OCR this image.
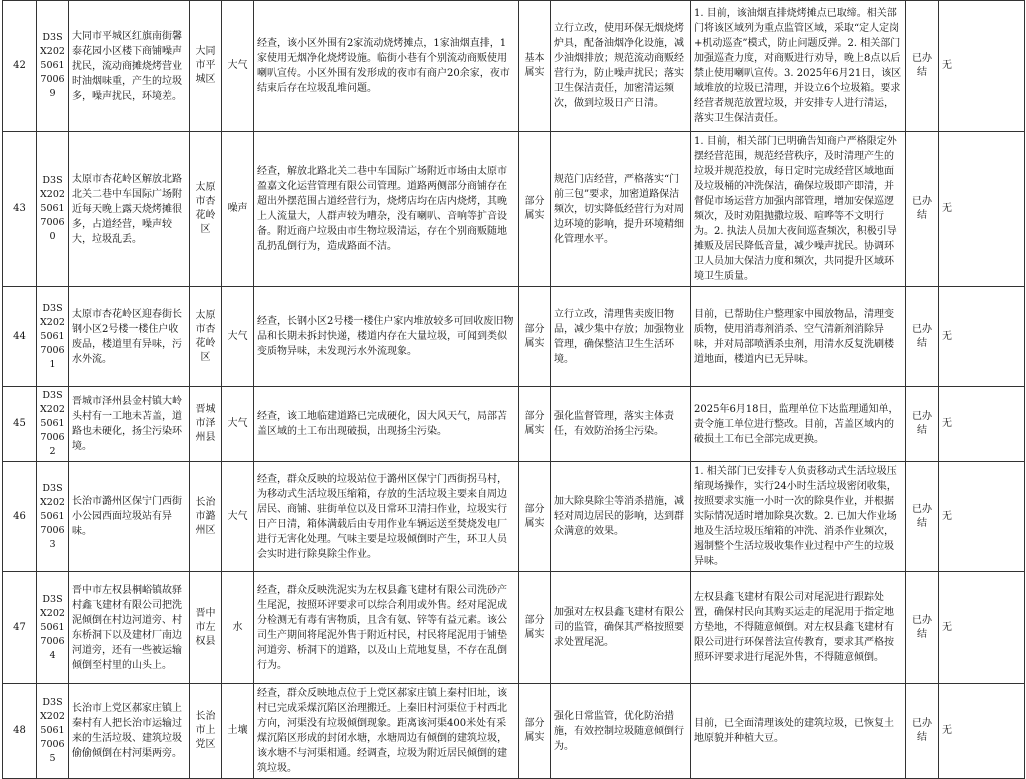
42	D3SX202506170069	大同市平城区红旗南街馨泰花园小区楼下商铺噪声扰民，流动商摊烧烤营业时油烟味重，产生的垃圾多，噪声扰民，环境差。	大同市平城区	大气	经查，该小区外围有2家流动烧烤摊点，1家油烟直排，1家使用无烟净化烧烤设施。临街小巷有个别流动商贩使用喇叭宣传。小区外围有发形成的夜市有商户20余家，夜市结束后存在垃圾乱堆问题。	基本属实	立行立改，使用环保无烟烧烤炉具，配备油烟净化设施，减少油烟排放；规范流动商贩经营行为，防止噪声扰民；落实卫生保洁责任，加密清运频次，做到垃圾日产日清。	1. 目前，该油烟直排烧烤摊点已取缔。相关部门将该区域列为重点监管区域，采取“定人定岗+机动巡查”模式，防止问题反弹。2. 相关部门加强巡查力度，对商贩进行劝导，晚上8点以后禁止使用喇叭宣传。3. 2025年6月21日，该区域堆放的垃圾已清理，并设立6个垃圾箱。要求经营者规范放置垃圾，并安排专人进行清运，落实卫生保洁责任。	已办结	无
43	D3SX202506170060	太原市杏花岭区解放北路北关二巷中车国际广场附近每天晚上露天烧烤摊很多，占道经营，噪声较大，垃圾乱丢。	太原市杏花岭区	噪声	经查，解放北路北关二巷中车国际广场附近市场由太原市盈嘉文化运营管理有限公司管理。道路两侧部分商铺存在超出外摆范围占道经营行为，烧烤店均在店内烧烤，其晚上人流量大，人群声较为嘈杂，没有喇叭、音响等扩音设备。附近商户垃圾由市生物垃圾清运，存在个别商贩随地乱扔乱倒行为，造成路面不洁。	部分属实	规范门店经营，严格落实“门前三包”要求，加密道路保洁频次，切实降低经营行为对周边环境的影响，提升环境精细化管理水平。	1. 目前，相关部门已明确告知商户严格限定外摆经营范围，规范经营秩序，及时清理产生的垃圾并规范投放，每日定时完成经营区域地面及垃圾桶的冲洗保洁，确保垃圾即产即清，并督促市场运营方加强内部管理，增加安保巡逻频次，及时劝阻抛撒垃圾、喧哗等不文明行为。2. 执法人员加大夜间巡查频次，积极引导摊贩及居民降低音量，减少噪声扰民。协调环卫人员加大保洁力度和频次，共同提升区域环境卫生质量。	已办结	无
44	D3SX202506170061	太原市杏花岭区迎春街长钢小区2号楼一楼住户收废品，楼道里有异味，污水外流。	太原市杏花岭区	大气	经查，长钢小区2号楼一楼住户家内堆放较多可回收废旧物品和长期未拆封快递，楼道内存在大量垃圾，可闻到类似变质物异味，未发现污水外流现象。	部分属实	立行立改，清理售卖废旧物品，减少集中存放；加强物业管理，确保整洁卫生生活环境。	目前，已帮助住户整理家中囤放物品，清理变质物，使用消毒剂消杀、空气清新剂消除异味，并对局部喷洒杀虫剂，用清水反复洗刷楼道地面，楼道内已无异味。	已办结	无
45	D3SX202506170062	晋城市泽州县金村镇大岭头村有一工地未苫盖，道路也未硬化，扬尘污染环境。	晋城市泽州县	大气	经查，该工地临建道路已完成硬化，因大风天气，局部苫盖区域的土工布出现破损，出现扬尘污染。	部分属实	强化监督管理，落实主体责任，有效防治扬尘污染。	2025年6月18日，监理单位下达监理通知单，责令施工单位进行整改。目前，苫盖区域内的破损土工布已全部完成更换。	已办结	无
46	D3SX202506170063	长治市潞州区保宁门西街小公园西面垃圾站有异味。	长治市潞州区	大气	经查，群众反映的垃圾站位于潞州区保宁门西街拐马村，为移动式生活垃圾压缩箱，存放的生活垃圾主要来自周边居民、商铺、驻街单位以及日常环卫清扫作业，垃圾实行日产日清，箱体满载后由专用作业车辆运送至焚烧发电厂进行无害化处理。气味主要是垃圾倾倒时产生，环卫人员会实时进行除臭除尘作业。	部分属实	加大除臭除尘等消杀措施，减轻对周边居民的影响，达到群众满意的效果。	1. 相关部门已安排专人负责移动式生活垃圾压缩现场操作，实行24小时生活垃圾密闭收集，按照要求实施一小时一次的除臭作业，并根据实际情况适时增加除臭次数。2. 已加大作业场地及生活垃圾压缩箱的冲洗、消杀作业频次，遏制整个生活垃圾收集作业过程中产生的垃圾异味。	已办结	无
47	D3SX202506170064	晋中市左权县桐峪镇故驿村鑫飞建材有限公司把洗泥倾倒在村边河道旁、村东桥洞下以及建材厂南边河道旁，还有一些被运输倾倒至村里的山头上。	晋中市左权县	水	经查，群众反映洗泥实为左权县鑫飞建材有限公司洗砂产生尾泥，按照环评要求可以综合利用或外售。经对尾泥成分检测无有毒有害物质，且含有氨、锌等有益元素。该公司生产期间将尾泥外售于附近村民，村民将尾泥用于铺垫河道旁、桥洞下的道路，以及山上荒地复垦，不存在乱倒行为。	部分属实	加强对左权县鑫飞建材有限公司的监管，确保其严格按照要求处置尾泥。	左权县鑫飞建材有限公司对尾泥进行跟踪处置，确保村民向其购买运走的尾泥用于指定地方垫地，不得随意倾倒。对左权县鑫飞建材有限公司进行环保普法宣传教育，要求其严格按照环评要求进行尾泥外售，不得随意倾倒。	已办结	无
48	D3SX202506170065	长治市上党区郝家庄镇上秦村有人把长治市运输过来的生活垃圾、建筑垃圾偷偷倾倒在村河渠两旁。	长治市上党区	土壤	经查，群众反映地点位于上党区郝家庄镇上秦村旧址，该村已完成采煤沉陷区治理搬迁。上秦旧村河渠位于村西北方向，河渠没有垃圾倾倒现象。距离该河渠400米处有采煤沉陷区形成的封闭水塘，水塘周边有倾倒的建筑垃圾，该水塘不与河渠相通。经调查，垃圾为附近居民倾倒的建筑垃圾。	部分属实	强化日常监管，优化防治措施，有效控制垃圾随意倾倒行为。	目前，已全面清理该处的建筑垃圾，已恢复土地原貌并种植大豆。	已办结	无
